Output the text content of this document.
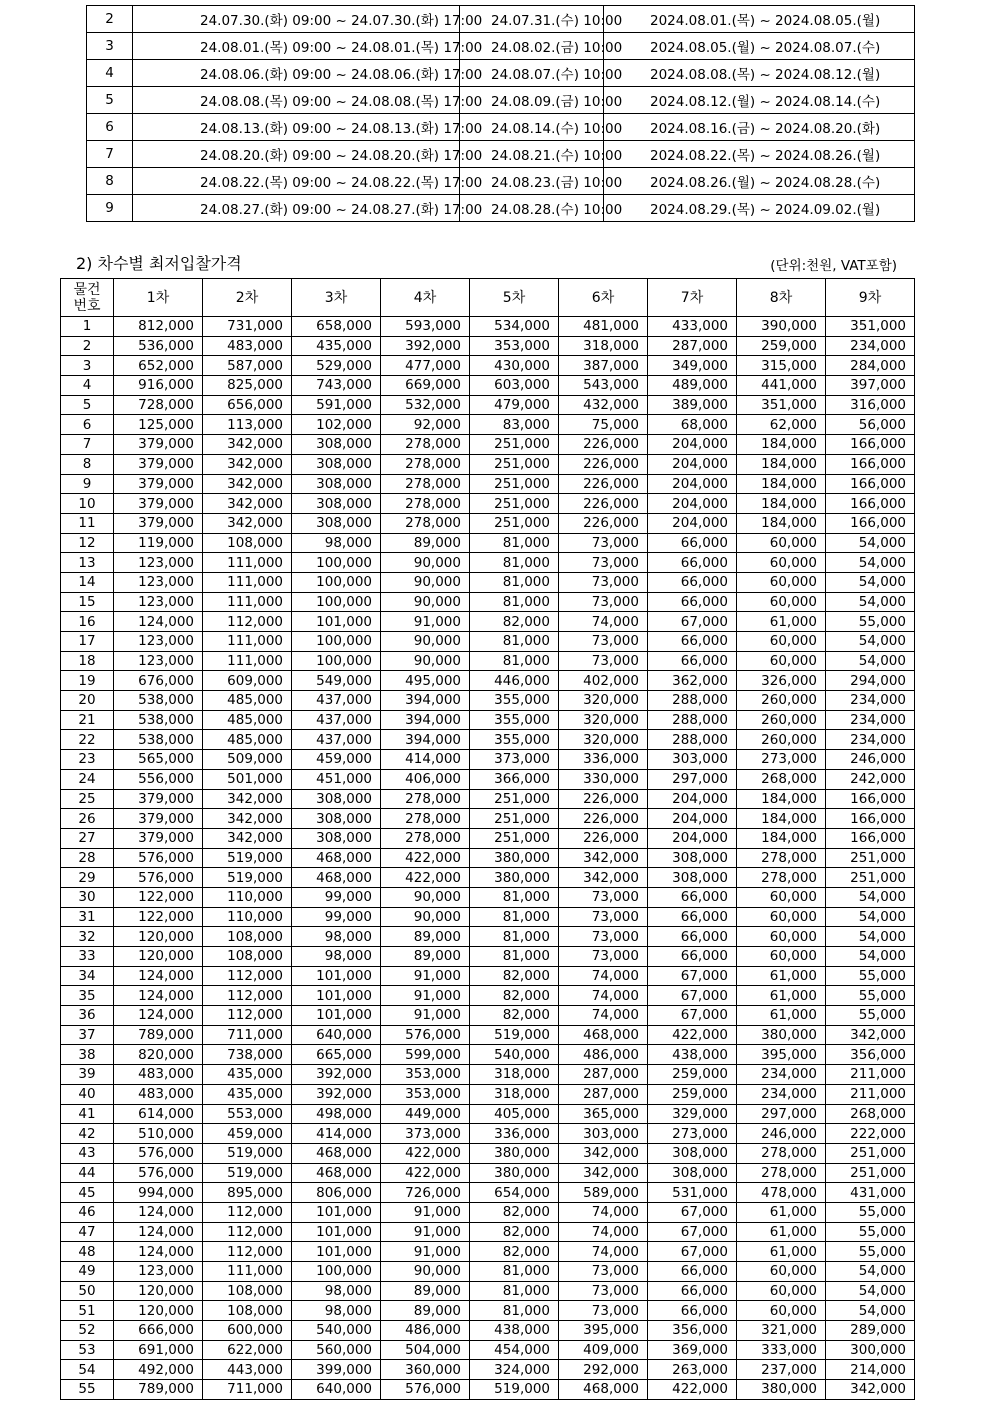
2	24.07.30.(화) 09:00 ~ 24.07.30.(화) 17:00	24.07.31.(수) 10:00	2024.08.01.(목) ~ 2024.08.05.(월)
3	24.08.01.(목) 09:00 ~ 24.08.01.(목) 17:00	24.08.02.(금) 10:00	2024.08.05.(월) ~ 2024.08.07.(수)
4	24.08.06.(화) 09:00 ~ 24.08.06.(화) 17:00	24.08.07.(수) 10:00	2024.08.08.(목) ~ 2024.08.12.(월)
5	24.08.08.(목) 09:00 ~ 24.08.08.(목) 17:00	24.08.09.(금) 10:00	2024.08.12.(월) ~ 2024.08.14.(수)
6	24.08.13.(화) 09:00 ~ 24.08.13.(화) 17:00	24.08.14.(수) 10:00	2024.08.16.(금) ~ 2024.08.20.(화)
7	24.08.20.(화) 09:00 ~ 24.08.20.(화) 17:00	24.08.21.(수) 10:00	2024.08.22.(목) ~ 2024.08.26.(월)
8	24.08.22.(목) 09:00 ~ 24.08.22.(목) 17:00	24.08.23.(금) 10:00	2024.08.26.(월) ~ 2024.08.28.(수)
9	24.08.27.(화) 09:00 ~ 24.08.27.(화) 17:00	24.08.28.(수) 10:00	2024.08.29.(목) ~ 2024.09.02.(월)
2) 차수별 최저입찰가격	(단위:천원, VAT포함)
물건
번호	1차	2차	3차	4차	5차	6차	7차	8차	9차
1	812,000	731,000	658,000	593,000	534,000	481,000	433,000	390,000	351,000
2	536,000	483,000	435,000	392,000	353,000	318,000	287,000	259,000	234,000
3	652,000	587,000	529,000	477,000	430,000	387,000	349,000	315,000	284,000
4	916,000	825,000	743,000	669,000	603,000	543,000	489,000	441,000	397,000
5	728,000	656,000	591,000	532,000	479,000	432,000	389,000	351,000	316,000
6	125,000	113,000	102,000	92,000	83,000	75,000	68,000	62,000	56,000
7	379,000	342,000	308,000	278,000	251,000	226,000	204,000	184,000	166,000
8	379,000	342,000	308,000	278,000	251,000	226,000	204,000	184,000	166,000
9	379,000	342,000	308,000	278,000	251,000	226,000	204,000	184,000	166,000
10	379,000	342,000	308,000	278,000	251,000	226,000	204,000	184,000	166,000
11	379,000	342,000	308,000	278,000	251,000	226,000	204,000	184,000	166,000
12	119,000	108,000	98,000	89,000	81,000	73,000	66,000	60,000	54,000
13	123,000	111,000	100,000	90,000	81,000	73,000	66,000	60,000	54,000
14	123,000	111,000	100,000	90,000	81,000	73,000	66,000	60,000	54,000
15	123,000	111,000	100,000	90,000	81,000	73,000	66,000	60,000	54,000
16	124,000	112,000	101,000	91,000	82,000	74,000	67,000	61,000	55,000
17	123,000	111,000	100,000	90,000	81,000	73,000	66,000	60,000	54,000
18	123,000	111,000	100,000	90,000	81,000	73,000	66,000	60,000	54,000
19	676,000	609,000	549,000	495,000	446,000	402,000	362,000	326,000	294,000
20	538,000	485,000	437,000	394,000	355,000	320,000	288,000	260,000	234,000
21	538,000	485,000	437,000	394,000	355,000	320,000	288,000	260,000	234,000
22	538,000	485,000	437,000	394,000	355,000	320,000	288,000	260,000	234,000
23	565,000	509,000	459,000	414,000	373,000	336,000	303,000	273,000	246,000
24	556,000	501,000	451,000	406,000	366,000	330,000	297,000	268,000	242,000
25	379,000	342,000	308,000	278,000	251,000	226,000	204,000	184,000	166,000
26	379,000	342,000	308,000	278,000	251,000	226,000	204,000	184,000	166,000
27	379,000	342,000	308,000	278,000	251,000	226,000	204,000	184,000	166,000
28	576,000	519,000	468,000	422,000	380,000	342,000	308,000	278,000	251,000
29	576,000	519,000	468,000	422,000	380,000	342,000	308,000	278,000	251,000
30	122,000	110,000	99,000	90,000	81,000	73,000	66,000	60,000	54,000
31	122,000	110,000	99,000	90,000	81,000	73,000	66,000	60,000	54,000
32	120,000	108,000	98,000	89,000	81,000	73,000	66,000	60,000	54,000
33	120,000	108,000	98,000	89,000	81,000	73,000	66,000	60,000	54,000
34	124,000	112,000	101,000	91,000	82,000	74,000	67,000	61,000	55,000
35	124,000	112,000	101,000	91,000	82,000	74,000	67,000	61,000	55,000
36	124,000	112,000	101,000	91,000	82,000	74,000	67,000	61,000	55,000
37	789,000	711,000	640,000	576,000	519,000	468,000	422,000	380,000	342,000
38	820,000	738,000	665,000	599,000	540,000	486,000	438,000	395,000	356,000
39	483,000	435,000	392,000	353,000	318,000	287,000	259,000	234,000	211,000
40	483,000	435,000	392,000	353,000	318,000	287,000	259,000	234,000	211,000
41	614,000	553,000	498,000	449,000	405,000	365,000	329,000	297,000	268,000
42	510,000	459,000	414,000	373,000	336,000	303,000	273,000	246,000	222,000
43	576,000	519,000	468,000	422,000	380,000	342,000	308,000	278,000	251,000
44	576,000	519,000	468,000	422,000	380,000	342,000	308,000	278,000	251,000
45	994,000	895,000	806,000	726,000	654,000	589,000	531,000	478,000	431,000
46	124,000	112,000	101,000	91,000	82,000	74,000	67,000	61,000	55,000
47	124,000	112,000	101,000	91,000	82,000	74,000	67,000	61,000	55,000
48	124,000	112,000	101,000	91,000	82,000	74,000	67,000	61,000	55,000
49	123,000	111,000	100,000	90,000	81,000	73,000	66,000	60,000	54,000
50	120,000	108,000	98,000	89,000	81,000	73,000	66,000	60,000	54,000
51	120,000	108,000	98,000	89,000	81,000	73,000	66,000	60,000	54,000
52	666,000	600,000	540,000	486,000	438,000	395,000	356,000	321,000	289,000
53	691,000	622,000	560,000	504,000	454,000	409,000	369,000	333,000	300,000
54	492,000	443,000	399,000	360,000	324,000	292,000	263,000	237,000	214,000
55	789,000	711,000	640,000	576,000	519,000	468,000	422,000	380,000	342,000
